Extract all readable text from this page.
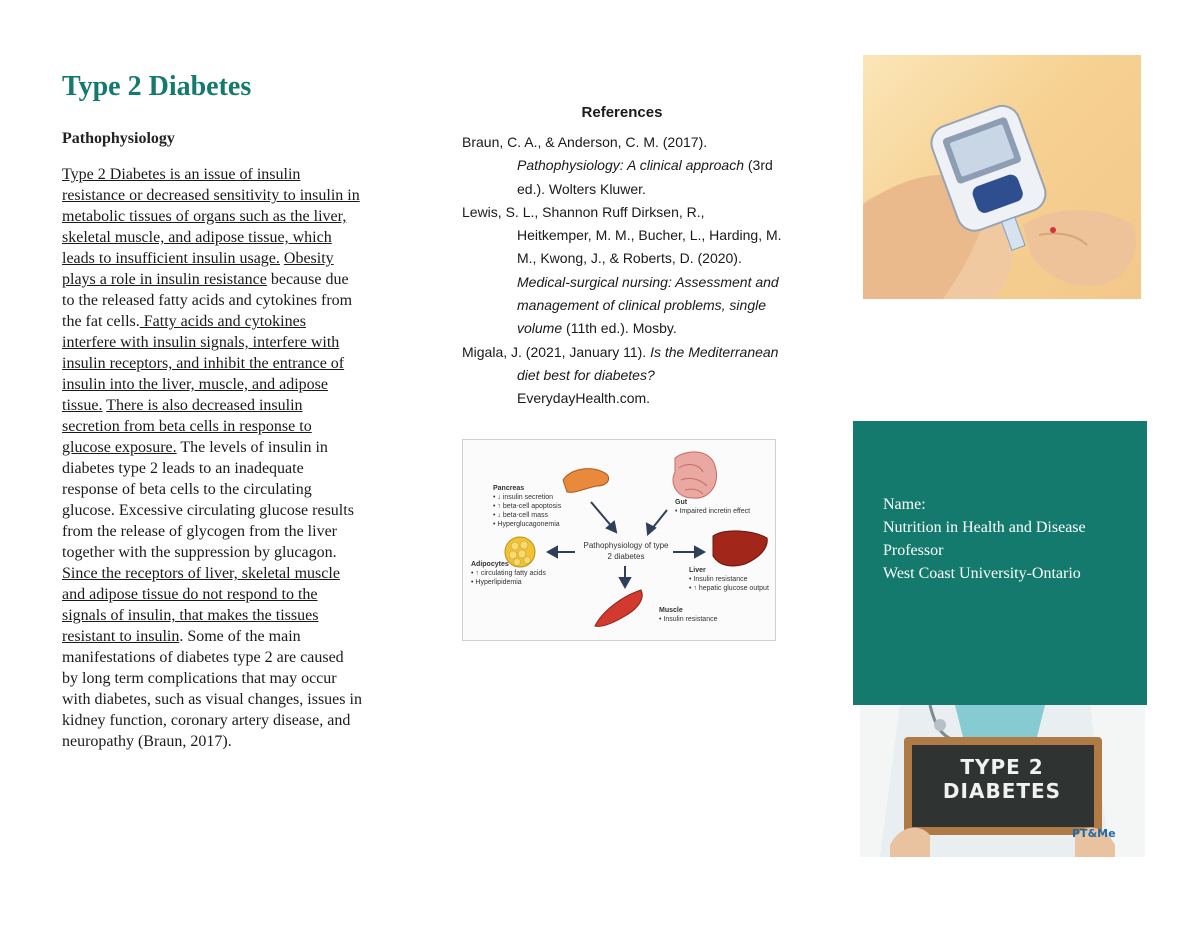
Type 2 Diabetes
Pathophysiology
Type 2 Diabetes is an issue of insulin resistance or decreased sensitivity to insulin in metabolic tissues of organs such as the liver, skeletal muscle, and adipose tissue, which leads to insufficient insulin usage. Obesity plays a role in insulin resistance because due to the released fatty acids and cytokines from the fat cells. Fatty acids and cytokines interfere with insulin signals, interfere with insulin receptors, and inhibit the entrance of insulin into the liver, muscle, and adipose tissue. There is also decreased insulin secretion from beta cells in response to glucose exposure. The levels of insulin in diabetes type 2 leads to an inadequate response of beta cells to the circulating glucose. Excessive circulating glucose results from the release of glycogen from the liver together with the suppression by glucagon. Since the receptors of liver, skeletal muscle and adipose tissue do not respond to the signals of insulin, that makes the tissues resistant to insulin. Some of the main manifestations of diabetes type 2 are caused by long term complications that may occur with diabetes, such as visual changes, issues in kidney function, coronary artery disease, and neuropathy (Braun, 2017).
References

Braun, C. A., & Anderson, C. M. (2017). Pathophysiology: A clinical approach (3rd ed.). Wolters Kluwer.

Lewis, S. L., Shannon Ruff Dirksen, R., Heitkemper, M. M., Bucher, L., Harding, M. M., Kwong, J., & Roberts, D. (2020). Medical-surgical nursing: Assessment and management of clinical problems, single volume (11th ed.). Mosby.

Migala, J. (2021, January 11). Is the Mediterranean diet best for diabetes? EverydayHealth.com.

Pancreas
• ↓ insulin secretion
• ↑ beta-cell apoptosis
• ↓ beta-cell mass
• Hyperglucagonemia
Gut
• Impaired incretin effect
Adipocytes
• ↑ circulating fatty acids
• Hyperlipidemia
Liver
• Insulin resistance
• ↑ hepatic glucose output
Muscle
• Insulin resistance
Pathophysiology of type 2 diabetes
Name:
Nutrition in Health and Disease
Professor
West Coast University-Ontario
TYPE 2
DIABETES
PT&Me
